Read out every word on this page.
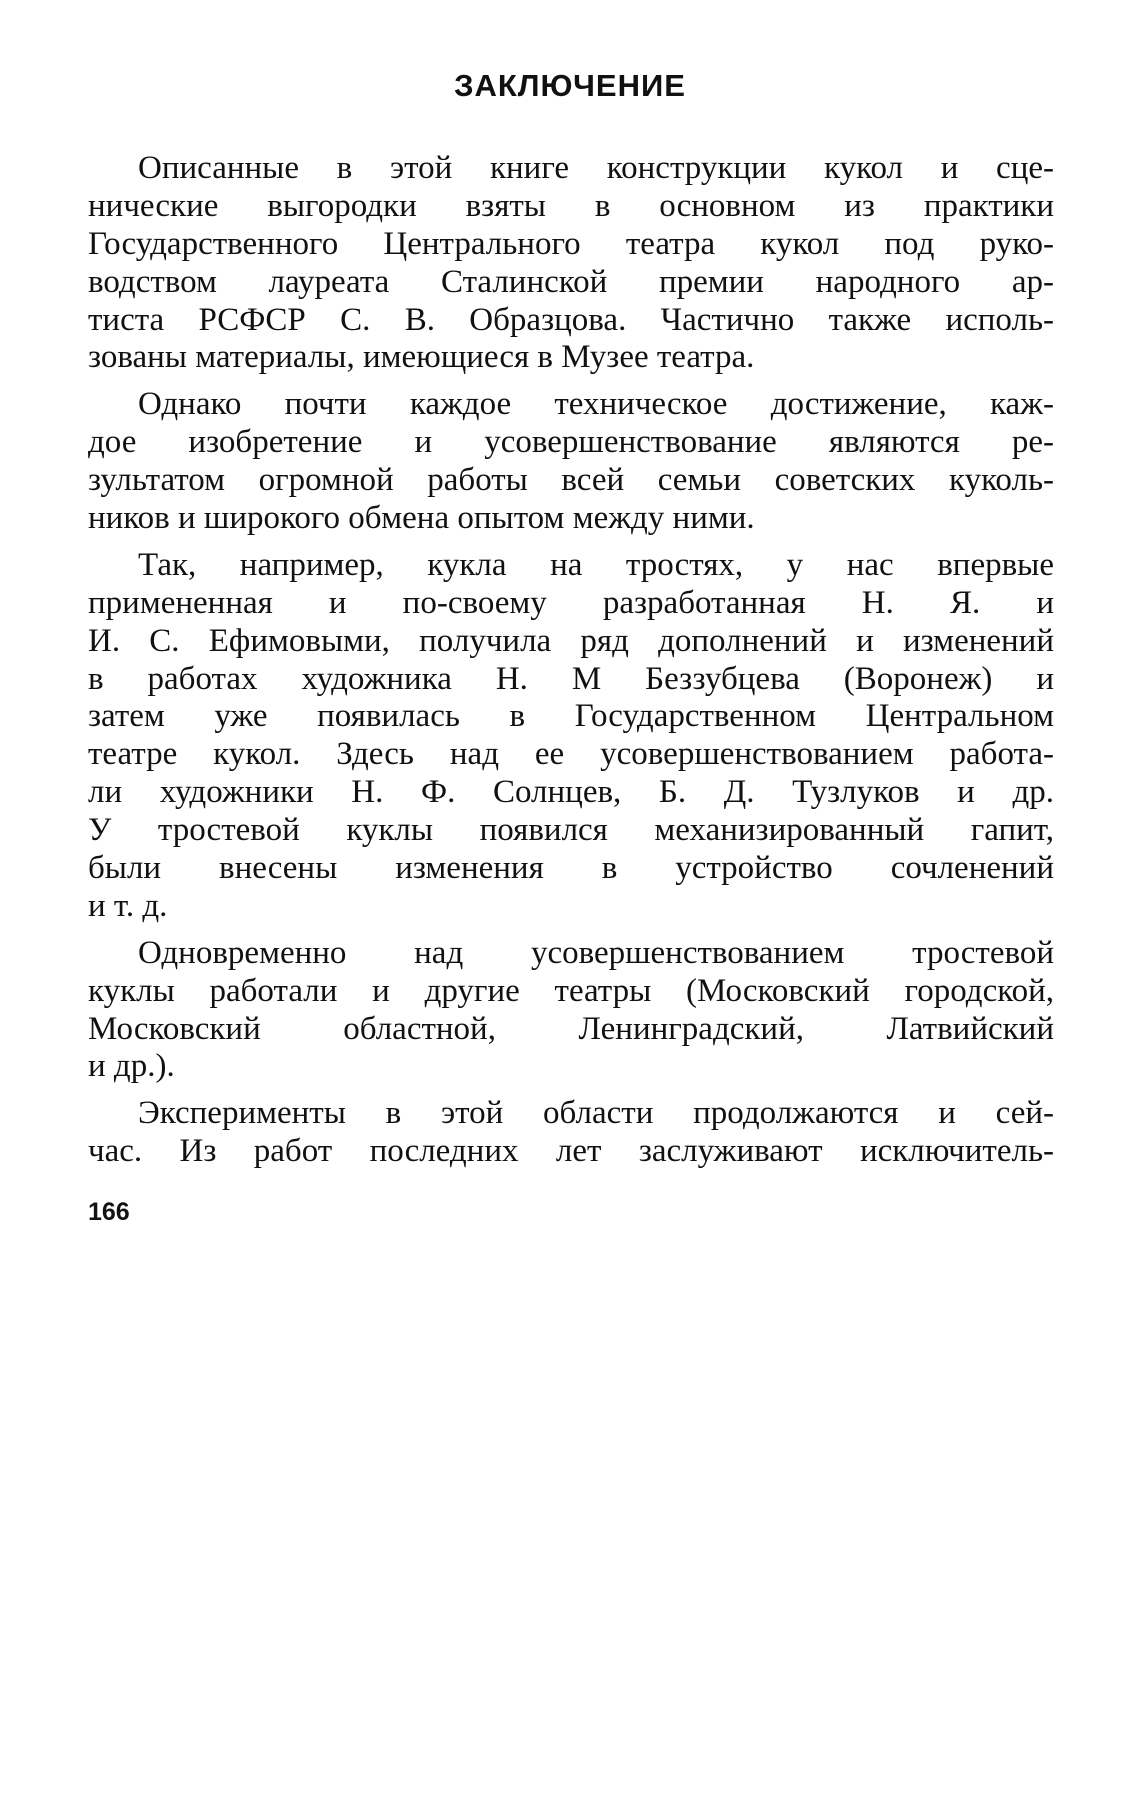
ЗАКЛЮЧЕНИЕ

Описанные в этой книге конструкции кукол и сце-
нические выгородки взяты в основном из практики
Государственного Центрального театра кукол под руко-
водством лауреата Сталинской премии народного ар-
тиста РСФСР С. В. Образцова. Частично также исполь-
зованы материалы, имеющиеся в Музее театра.

Однако почти каждое техническое достижение, каж-
дое изобретение и усовершенствование являются ре-
зультатом огромной работы всей семьи советских куколь-
ников и широкого обмена опытом между ними.

Так, например, кукла на тростях, у нас впервые
примененная и по-своему разработанная Н. Я. и
И. С. Ефимовыми, получила ряд дополнений и изменений
в работах художника Н. М Беззубцева (Воронеж) и
затем уже появилась в Государственном Центральном
театре кукол. Здесь над ее усовершенствованием работа-
ли художники Н. Ф. Солнцев, Б. Д. Тузлуков и др.
У тростевой куклы появился механизированный гапит,
были внесены изменения в устройство сочленений
и т. д.

Одновременно над усовершенствованием тростевой
куклы работали и другие театры (Московский городской,
Московский областной, Ленинградский, Латвийский
и др.).

Эксперименты в этой области продолжаются и сей-
час. Из работ последних лет заслуживают исключитель-

166
